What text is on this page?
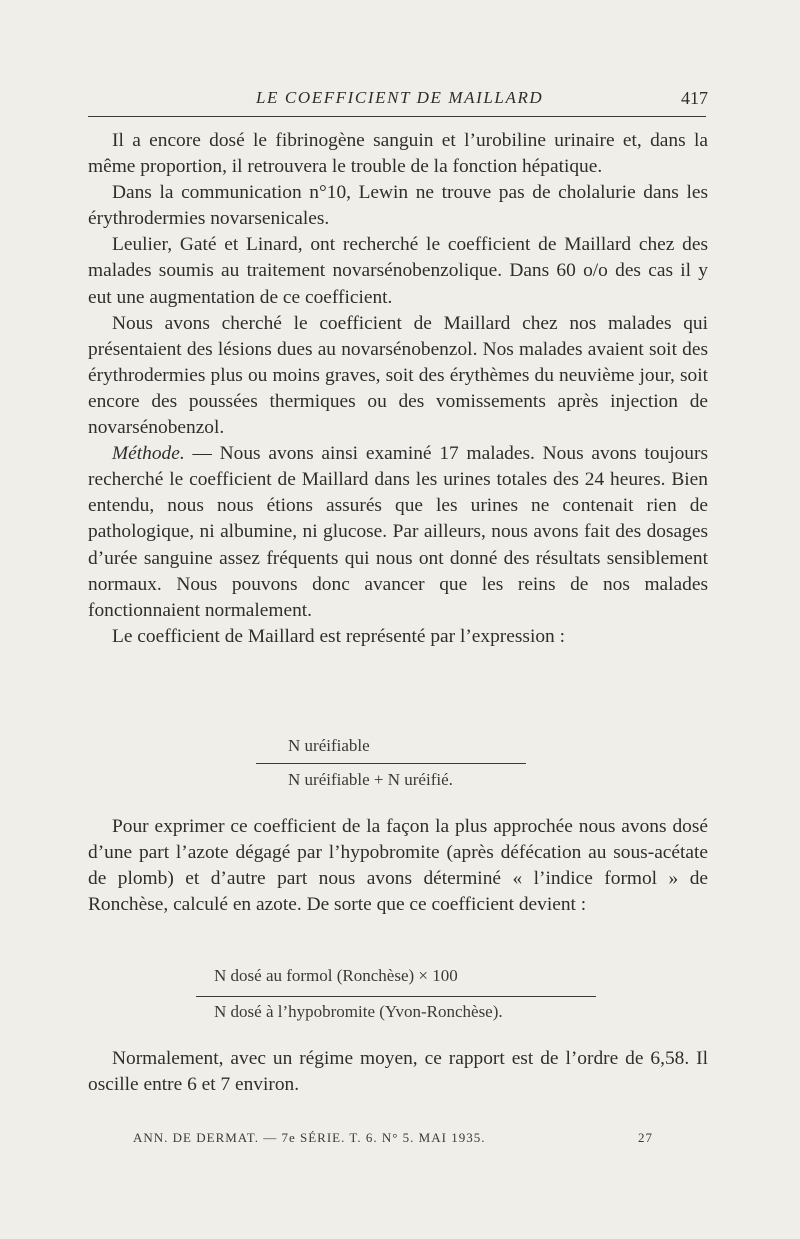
LE COEFFICIENT DE MAILLARD	417

Il a encore dosé le fibrinogène sanguin et l’urobiline urinaire et, dans la même proportion, il retrouvera le trouble de la fonction hépatique.

Dans la communication n°10, Lewin ne trouve pas de cholalurie dans les érythrodermies novarsenicales.

Leulier, Gaté et Linard, ont recherché le coefficient de Maillard chez des malades soumis au traitement novarsénobenzolique. Dans 60 o/o des cas il y eut une augmentation de ce coefficient.

Nous avons cherché le coefficient de Maillard chez nos malades qui présentaient des lésions dues au novarsénobenzol. Nos malades avaient soit des érythrodermies plus ou moins graves, soit des érythèmes du neuvième jour, soit encore des poussées thermiques ou des vomissements après injection de novarsénobenzol.

Méthode. — Nous avons ainsi examiné 17 malades. Nous avons toujours recherché le coefficient de Maillard dans les urines totales des 24 heures. Bien entendu, nous nous étions assurés que les urines ne contenait rien de pathologique, ni albumine, ni glucose. Par ailleurs, nous avons fait des dosages d’urée sanguine assez fréquents qui nous ont donné des résultats sensiblement normaux. Nous pouvons donc avancer que les reins de nos malades fonctionnaient normalement.

Le coefficient de Maillard est représenté par l’expression :

N uréifiable
N uréifiable + N uréifié.

Pour exprimer ce coefficient de la façon la plus approchée nous avons dosé d’une part l’azote dégagé par l’hypobromite (après défécation au sous-acétate de plomb) et d’autre part nous avons déterminé « l’indice formol » de Ronchèse, calculé en azote. De sorte que ce coefficient devient :

N dosé au formol (Ronchèse) × 100
N dosé à l’hypobromite (Yvon-Ronchèse).

Normalement, avec un régime moyen, ce rapport est de l’ordre de 6,58. Il oscille entre 6 et 7 environ.

ANN. DE DERMAT. — 7e SÉRIE. T. 6. N° 5. MAI 1935.	27
